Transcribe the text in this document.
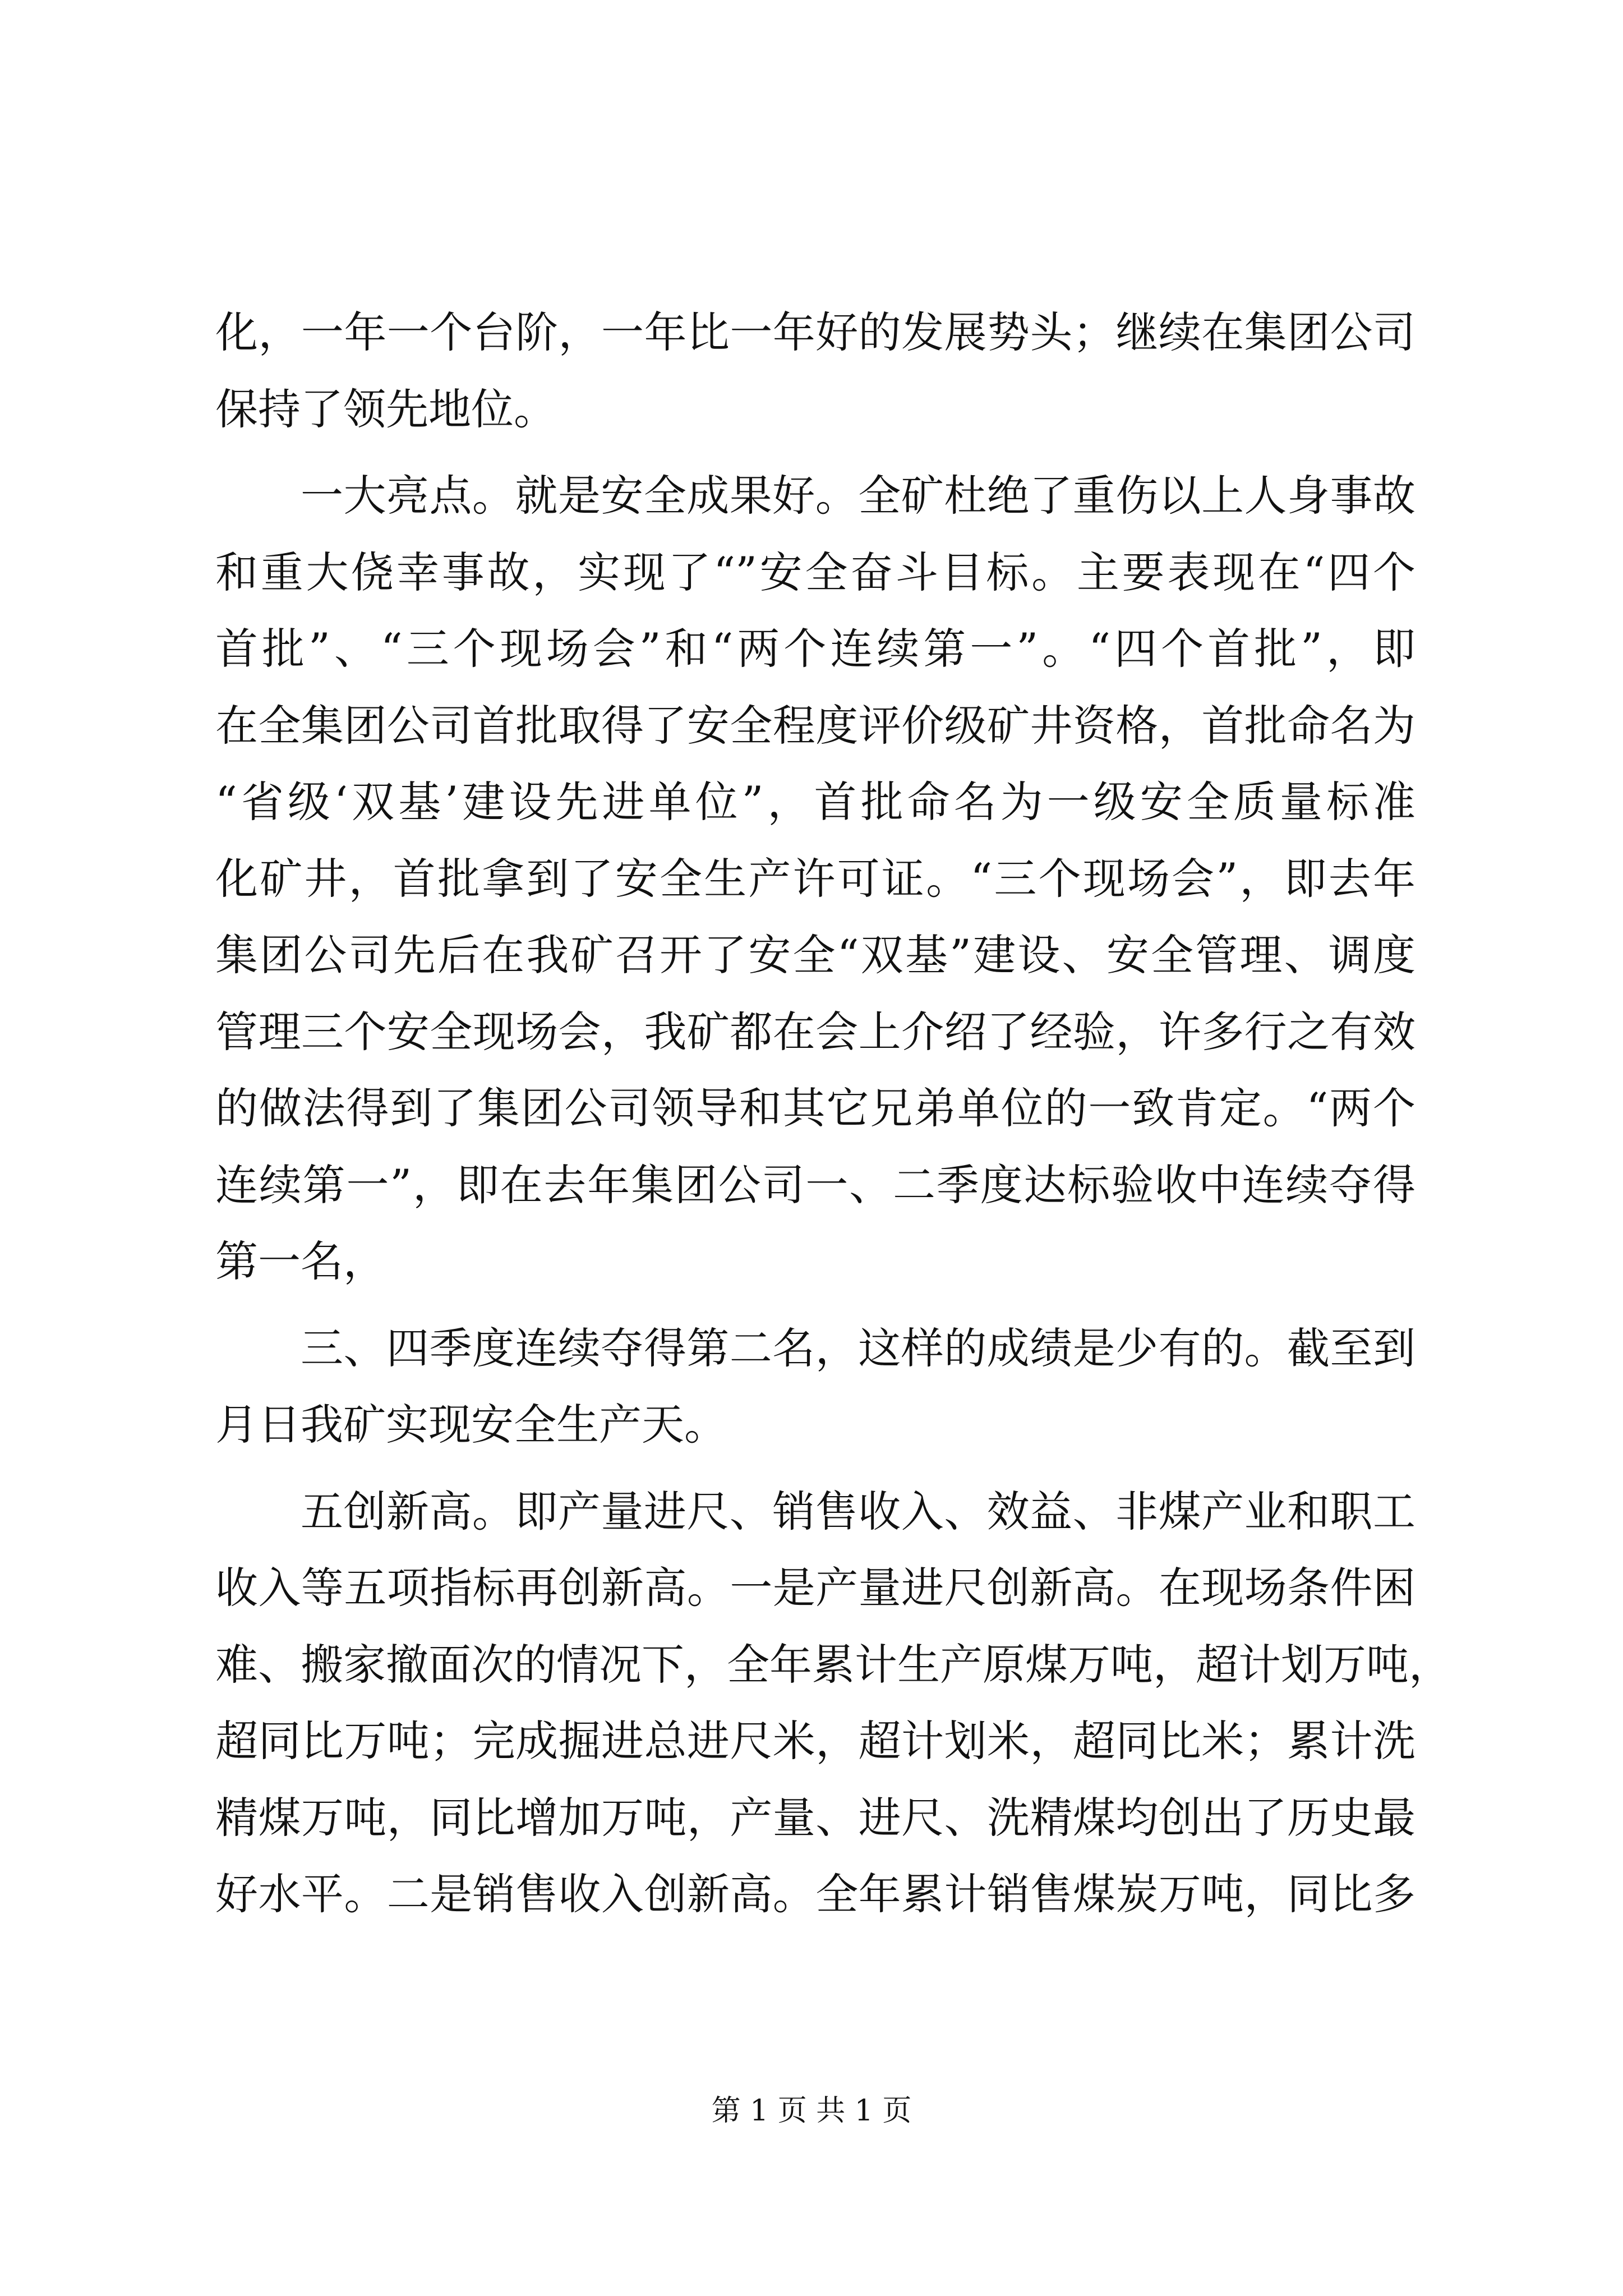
化，一年一个台阶，一年比一年好的发展势头；继续在集团公司
保持了领先地位。
一大亮点。就是安全成果好。全矿杜绝了重伤以上人身事故
和重大侥幸事故，实现了“”安全奋斗目标。主要表现在“四个
首批”、“三个现场会”和“两个连续第一”。“四个首批”，即
在全集团公司首批取得了安全程度评价级矿井资格，首批命名为
“省级‘双基’建设先进单位”，首批命名为一级安全质量标准
化矿井，首批拿到了安全生产许可证。“三个现场会”，即去年
集团公司先后在我矿召开了安全“双基”建设、安全管理、调度
管理三个安全现场会，我矿都在会上介绍了经验，许多行之有效
的做法得到了集团公司领导和其它兄弟单位的一致肯定。“两个
连续第一”，即在去年集团公司一、二季度达标验收中连续夺得
第一名，
三、四季度连续夺得第二名，这样的成绩是少有的。截至到
月日我矿实现安全生产天。
五创新高。即产量进尺、销售收入、效益、非煤产业和职工
收入等五项指标再创新高。一是产量进尺创新高。在现场条件困
难、搬家撤面次的情况下，全年累计生产原煤万吨，超计划万吨，
超同比万吨；完成掘进总进尺米，超计划米，超同比米；累计洗
精煤万吨，同比增加万吨，产量、进尺、洗精煤均创出了历史最
好水平。二是销售收入创新高。全年累计销售煤炭万吨，同比多
第 1 页 共 1 页
